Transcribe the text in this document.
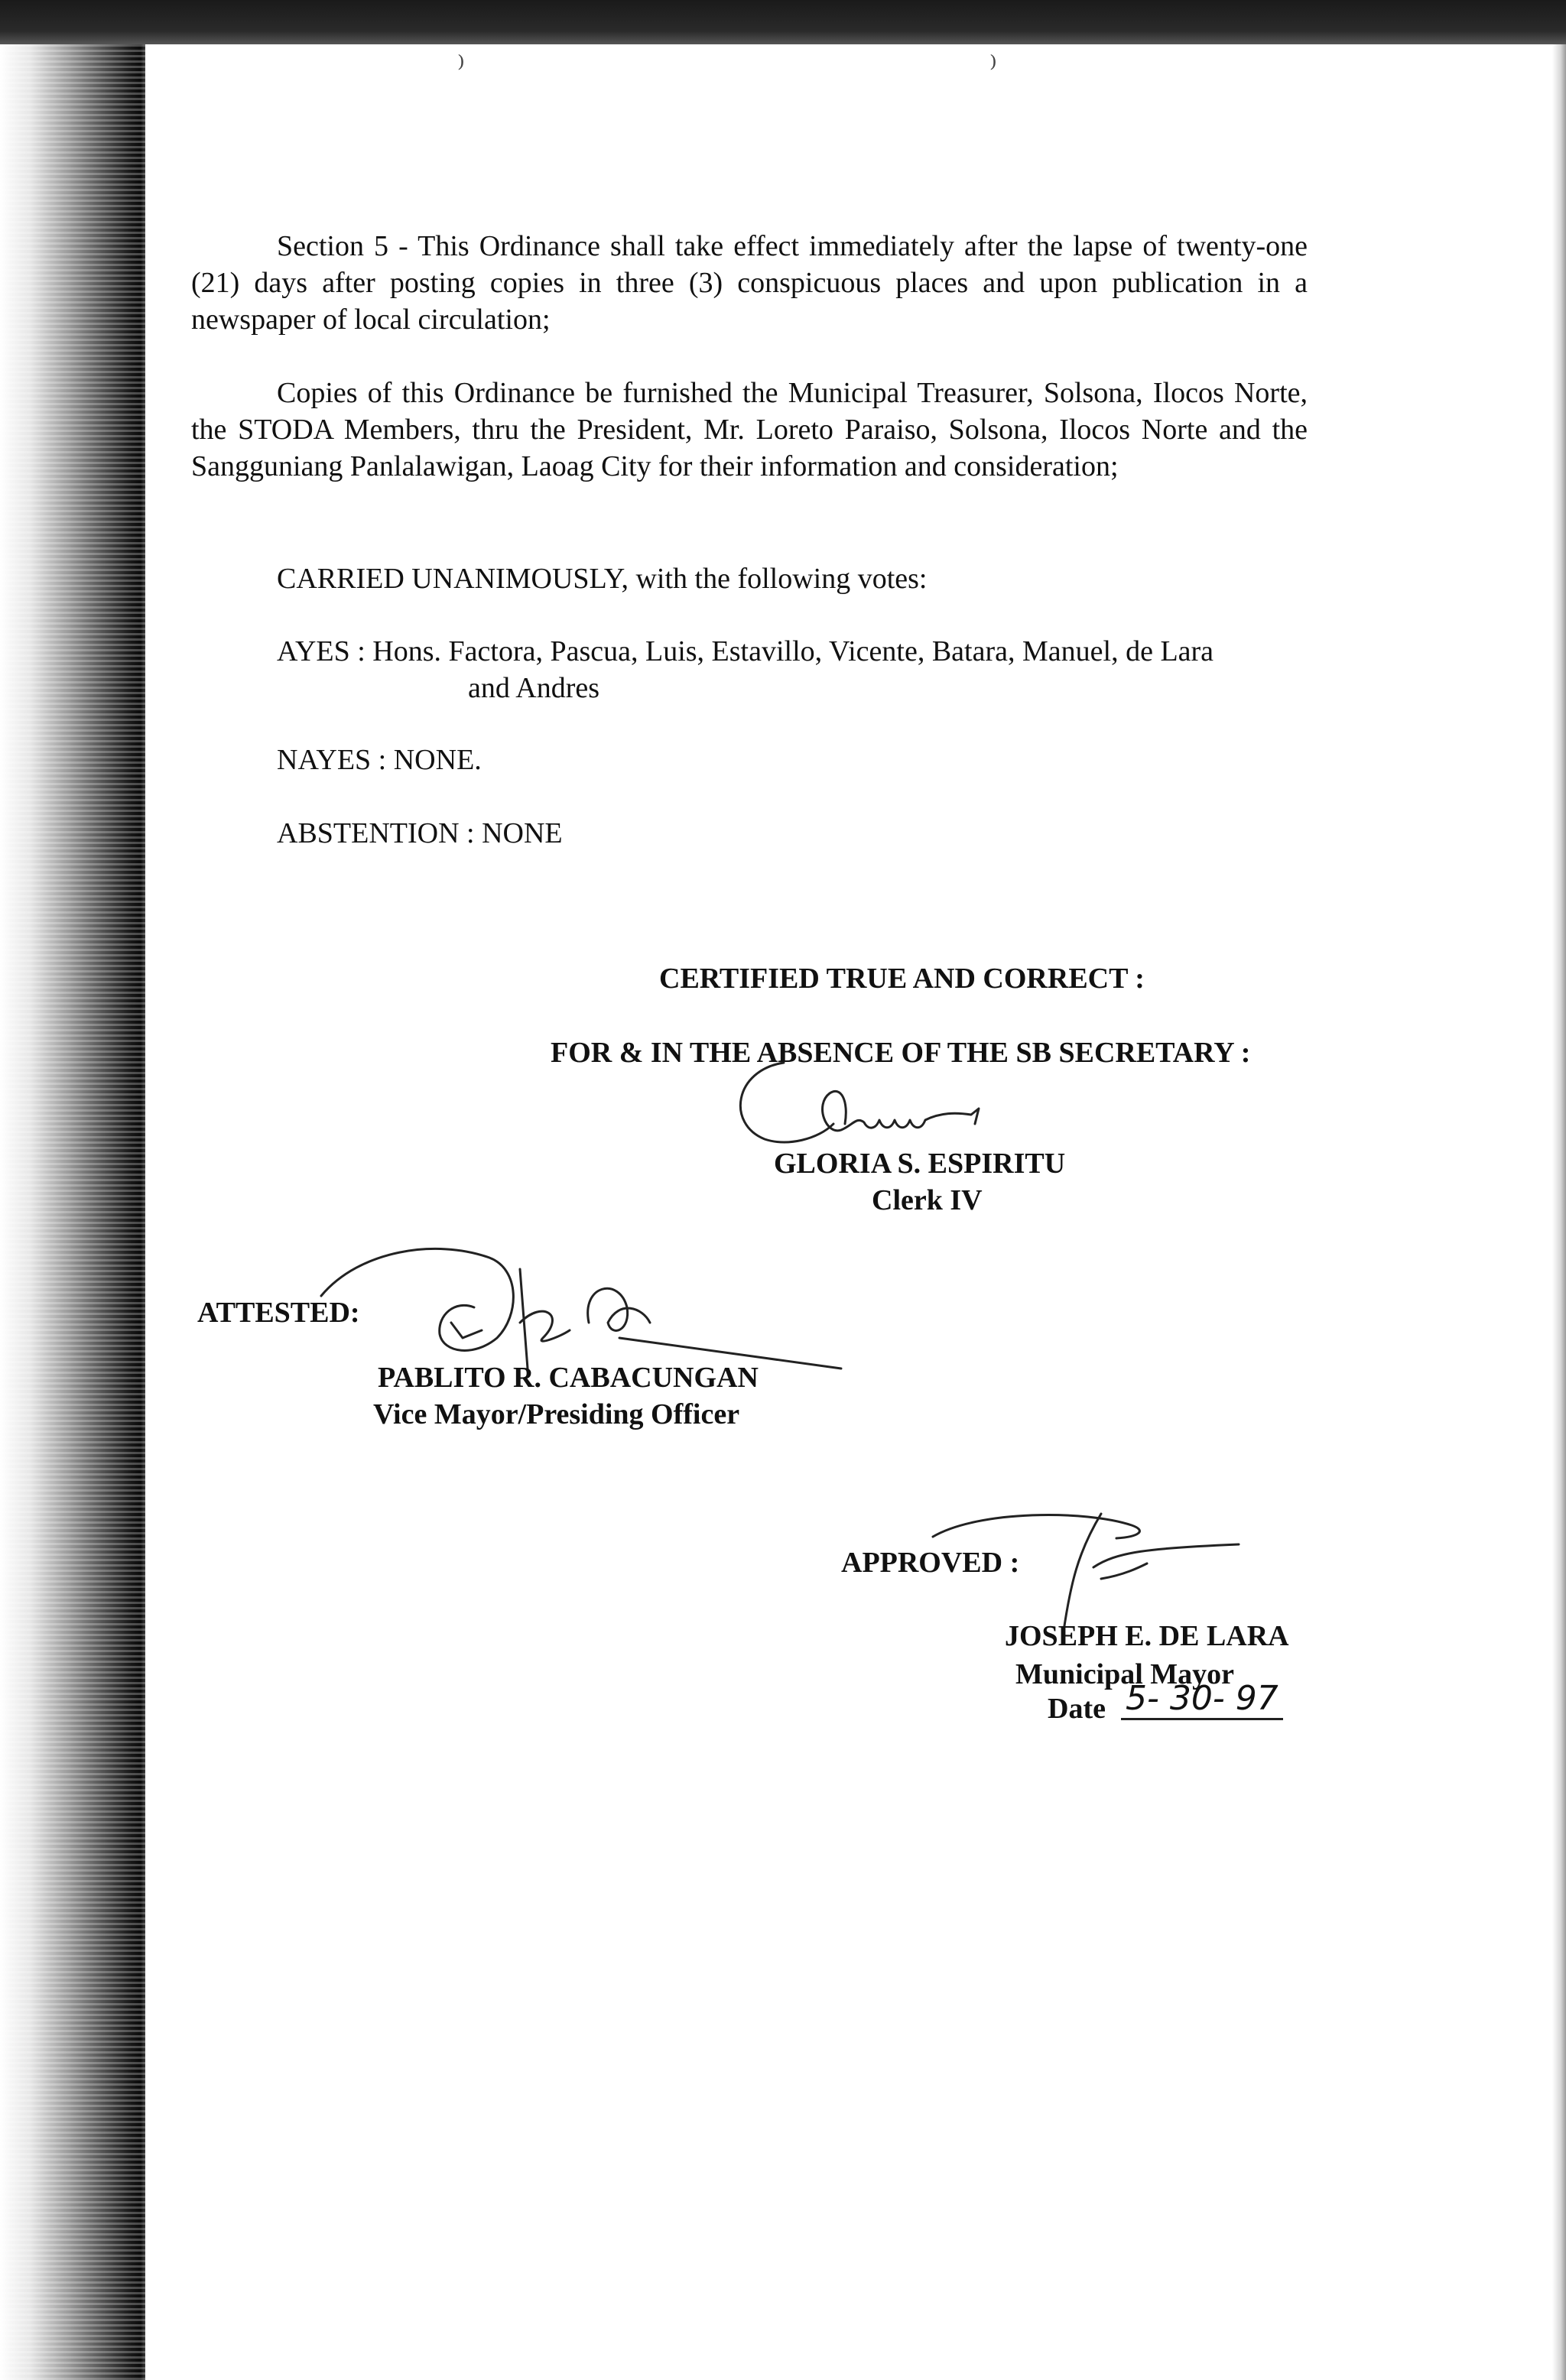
⁾	⁾

Section 5 - This Ordinance shall take effect immediately after the lapse of twenty-one (21) days after posting copies in three (3) conspicuous places and upon publication in a newspaper of local circulation;

Copies of this Ordinance be furnished the Municipal Treasurer, Solsona, Ilocos Norte, the STODA Members, thru the President, Mr. Loreto Paraiso, Solsona, Ilocos Norte and the Sangguniang Panlalawigan, Laoag City for their information and consideration;

CARRIED UNANIMOUSLY, with the following votes:
AYES : Hons. Factora, Pascua, Luis, Estavillo, Vicente, Batara, Manuel, de Lara
and Andres
NAYES : NONE.
ABSTENTION : NONE
CERTIFIED TRUE AND CORRECT :
FOR & IN THE ABSENCE OF THE SB SECRETARY :
GLORIA S. ESPIRITU
Clerk IV
ATTESTED:
PABLITO R. CABACUNGAN
Vice Mayor/Presiding Officer
APPROVED :
JOSEPH E. DE LARA
Municipal Mayor
Date 5- 30- 97
